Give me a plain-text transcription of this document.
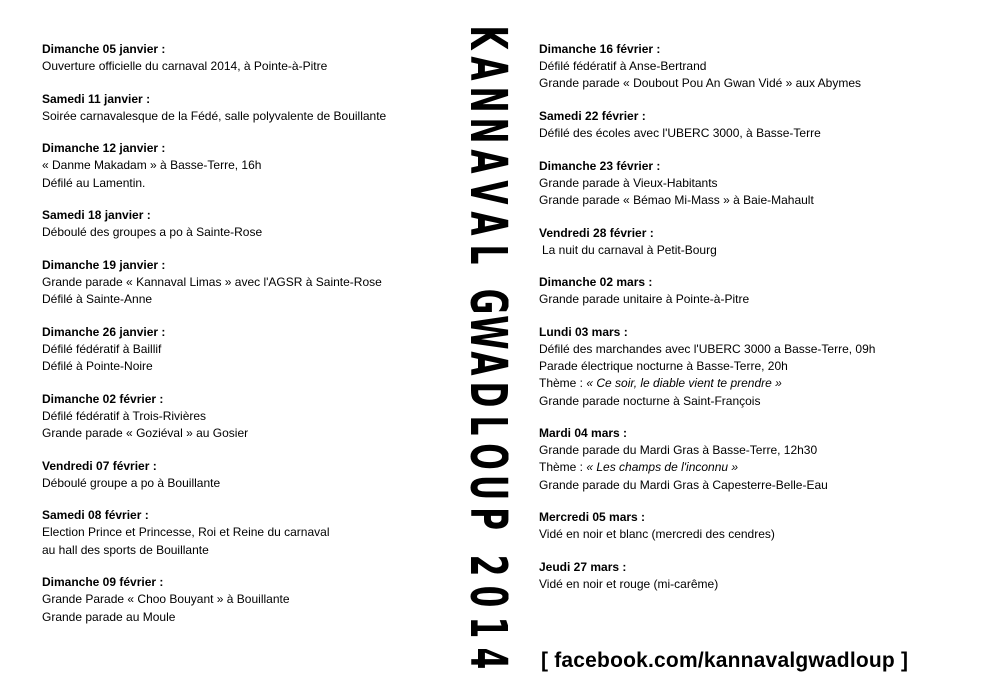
Dimanche 05 janvier :
Ouverture officielle du carnaval 2014, à Pointe-à-Pitre
Samedi 11 janvier :
Soirée carnavalesque de la Fédé, salle polyvalente de Bouillante
Dimanche 12 janvier :
« Danme Makadam » à Basse-Terre, 16h
Défilé au Lamentin.
Samedi 18 janvier :
Déboulé des groupes a po à Sainte-Rose
Dimanche 19 janvier :
Grande parade « Kannaval Limas » avec l'AGSR à Sainte-Rose
Défilé à Sainte-Anne
Dimanche 26 janvier :
Défilé fédératif à Baillif
Défilé à Pointe-Noire
Dimanche 02 février :
Défilé fédératif à Trois-Rivières
Grande parade « Goziéval » au Gosier
Vendredi 07 février :
Déboulé groupe a po à Bouillante
Samedi 08 février :
Election Prince et Princesse, Roi et Reine du carnaval
au hall des sports de Bouillante
Dimanche 09 février :
Grande Parade « Choo Bouyant » à Bouillante
Grande parade au Moule
K
A
N
N
A
V
A
L
G
W
A
D
L
O
U
P
2
0
1
4
Dimanche 16 février :
Défilé fédératif à Anse-Bertrand
Grande parade « Doubout Pou An Gwan Vidé » aux Abymes
Samedi 22 février :
Défilé des écoles avec l'UBERC 3000, à Basse-Terre
Dimanche 23 février :
Grande parade à Vieux-Habitants
Grande parade « Bémao Mi-Mass » à Baie-Mahault
Vendredi 28 février :
La nuit du carnaval à Petit-Bourg
Dimanche 02 mars :
Grande parade unitaire à Pointe-à-Pitre
Lundi 03 mars :
Défilé des marchandes avec l'UBERC 3000 a Basse-Terre, 09h
Parade électrique nocturne à Basse-Terre, 20h
Thème : « Ce soir, le diable vient te prendre »
Grande parade nocturne à Saint-François
Mardi 04 mars :
Grande parade du Mardi Gras à Basse-Terre, 12h30
Thème : « Les champs de l'inconnu »
Grande parade du Mardi Gras à Capesterre-Belle-Eau
Mercredi 05 mars :
Vidé en noir et blanc (mercredi des cendres)
Jeudi 27 mars :
Vidé en noir et rouge (mi-carême)
[ facebook.com/kannavalgwadloup ]
